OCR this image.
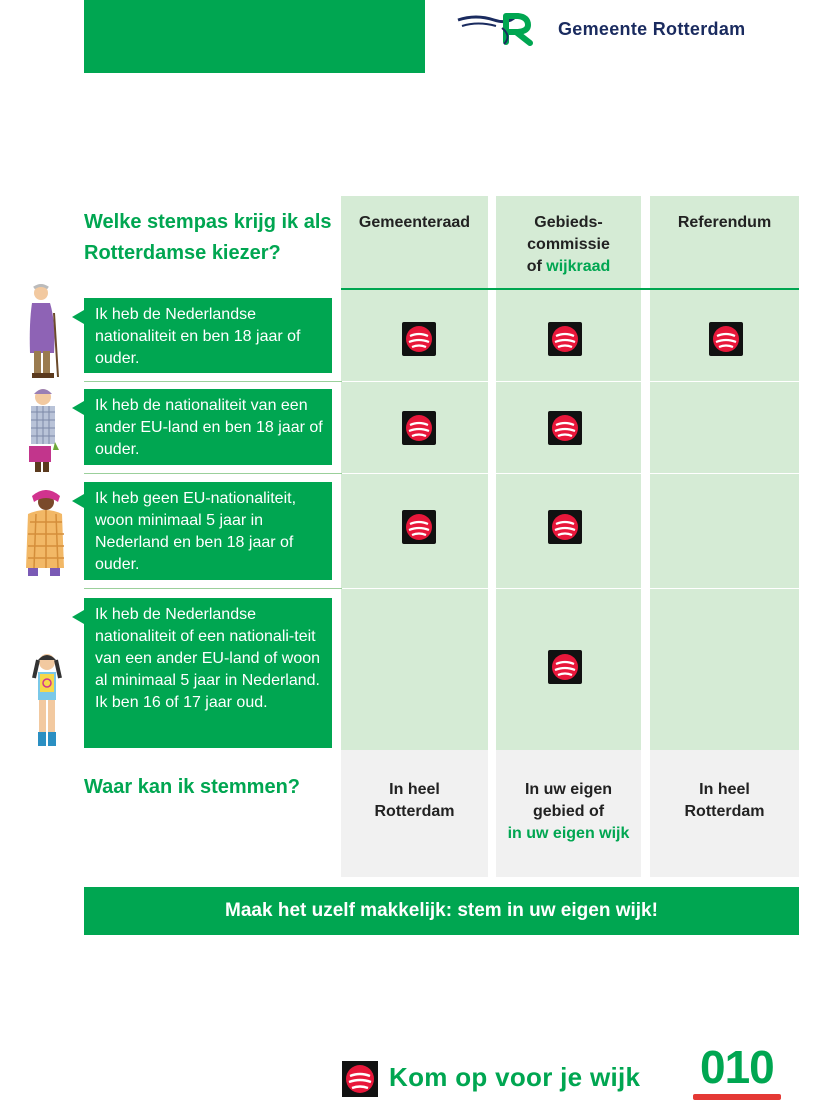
Gemeente Rotterdam
Welke stempas krijg ik als Rotterdamse kiezer?
Gemeenteraad	Gebieds-
commissie
of wijkraad
Referendum
Ik heb de Nederlandse nationaliteit en ben 18 jaar of ouder.
Ik heb de nationaliteit van een ander EU-land en ben 18 jaar of ouder.
Ik heb geen EU-nationaliteit, woon minimaal 5 jaar in Nederland en ben 18 jaar of ouder.
Ik heb de Nederlandse nationaliteit of een nationali-teit van een ander EU-land of woon al minimaal 5 jaar in Nederland. Ik ben 16 of 17 jaar oud.
Waar kan ik stemmen?	In heel
Rotterdam
In uw eigen
gebied of
in uw eigen wijk
In heel
Rotterdam
Maak het uzelf makkelijk: stem in uw eigen wijk!
Kom op voor je wijk 010
